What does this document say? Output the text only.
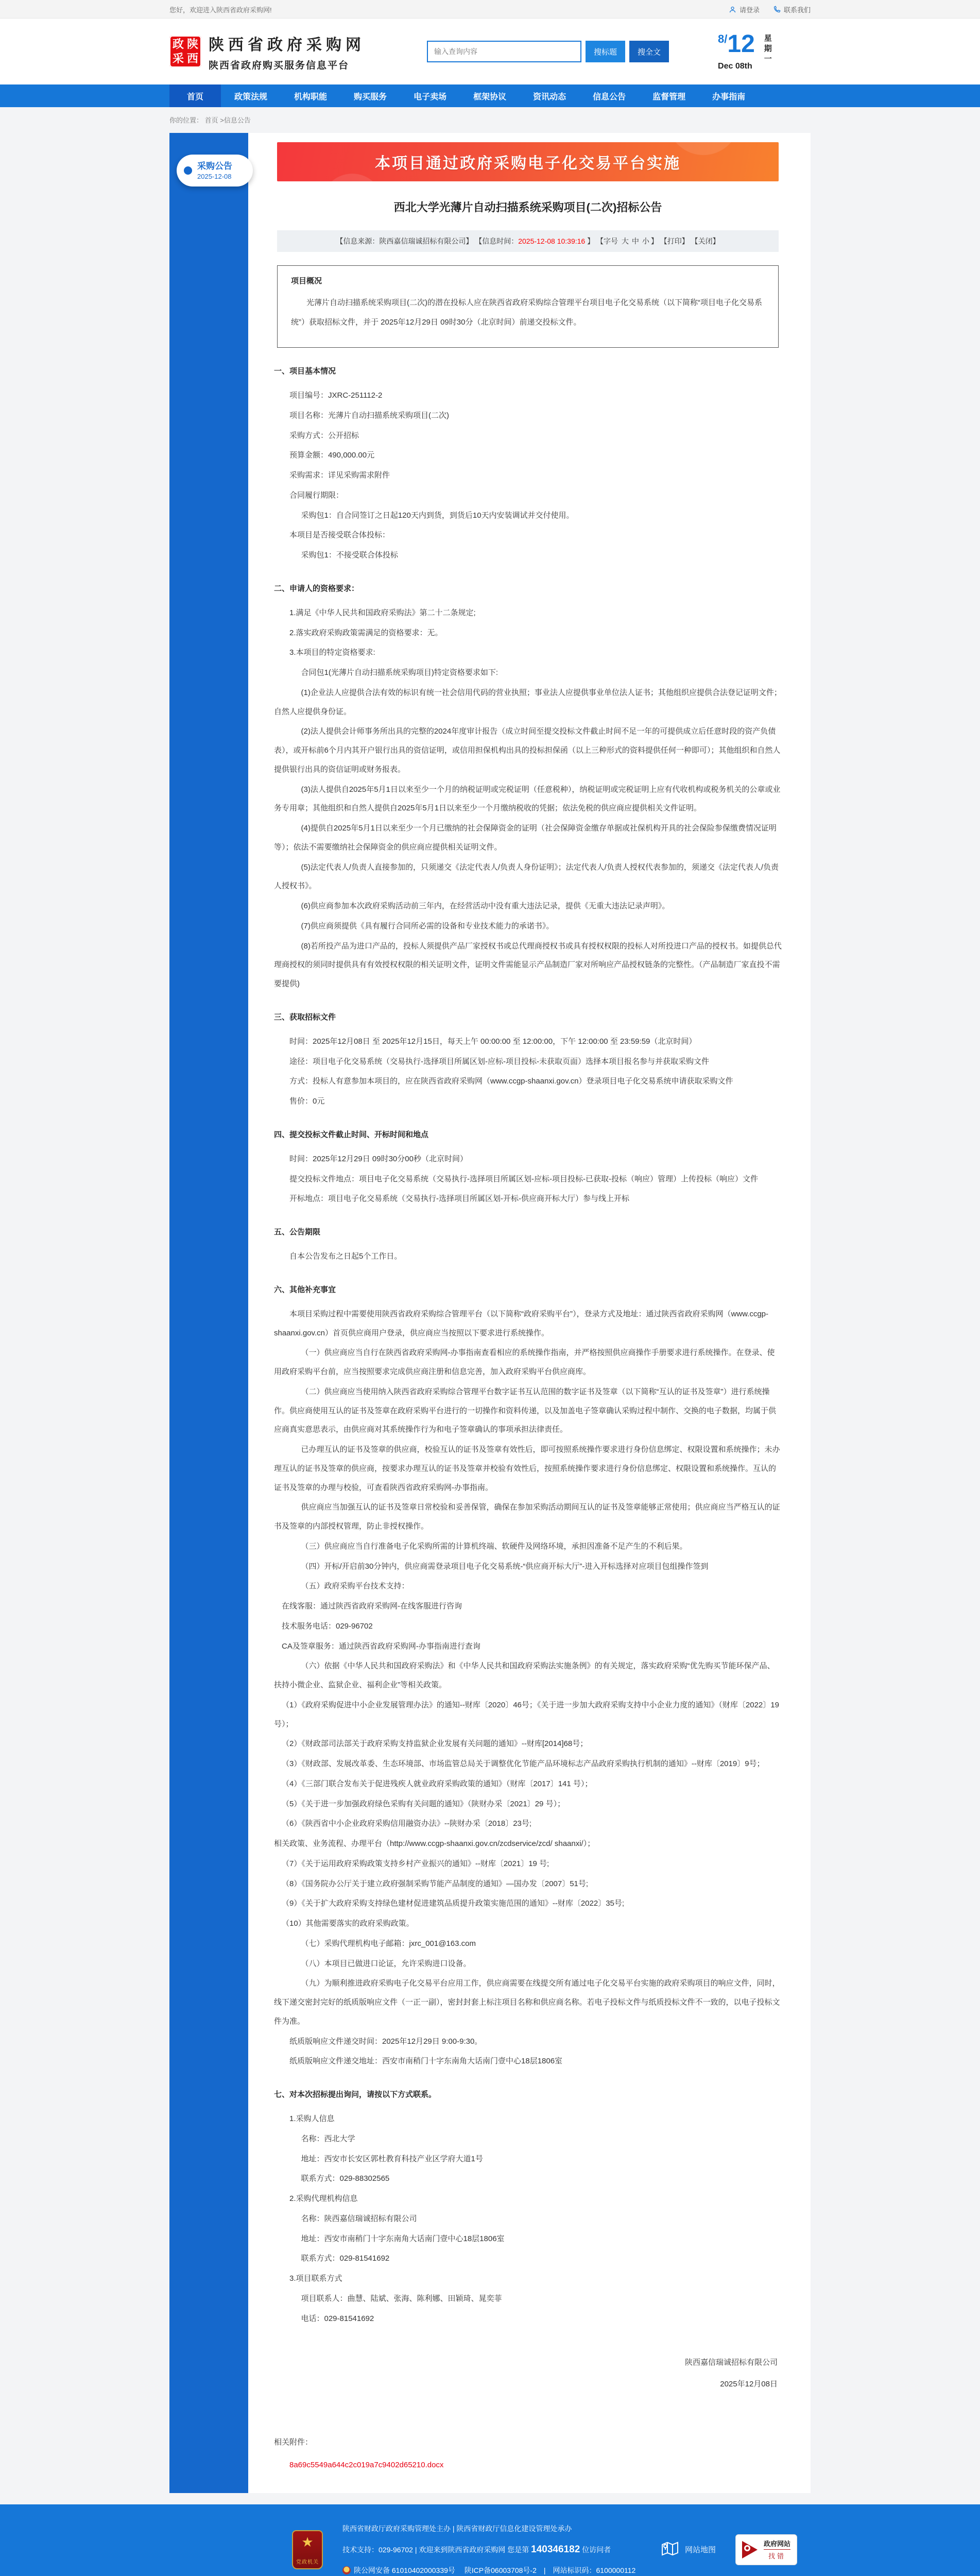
您好，欢迎进入陕西省政府采购网!	请登录	联系我们
政 陕
采 西
陕西省政府采购网
陕西省政府购买服务信息平台
输入查询内容
搜标题	搜全文
8/12
Dec 08th
星期一
首页	政策法规	机构职能	购买服务	电子卖场	框架协议	资讯动态	信息公告	监督管理	办事指南
你的位置： 首页 >信息公告
采购公告
2025-12-08
本项目通过政府采购电子化交易平台实施
西北大学光薄片自动扫描系统采购项目(二次)招标公告
【信息来源：陕西嘉信瑞诚招标有限公司】 【信息时间：2025-12-08 10:39:16 】 【字号 大 中 小 】 【打印】 【关闭】
项目概况

光薄片自动扫描系统采购项目(二次)的潜在投标人应在陕西省政府采购综合管理平台项目电子化交易系统（以下简称“项目电子化交易系统”）获取招标文件，并于 2025年12月29日 09时30分（北京时间）前递交投标文件。

一、项目基本情况

项目编号：JXRC-251112-2

项目名称：光薄片自动扫描系统采购项目(二次)

采购方式：公开招标

预算金额：490,000.00元

采购需求：详见采购需求附件

合同履行期限：

采购包1：自合同签订之日起120天内到货，到货后10天内安装调试并交付使用。

本项目是否接受联合体投标：

采购包1：不接受联合体投标

二、申请人的资格要求：

1.满足《中华人民共和国政府采购法》第二十二条规定;

2.落实政府采购政策需满足的资格要求：无。

3.本项目的特定资格要求:

合同包1(光薄片自动扫描系统采购项目)特定资格要求如下:

(1)企业法人应提供合法有效的标识有统一社会信用代码的营业执照；事业法人应提供事业单位法人证书；其他组织应提供合法登记证明文件；自然人应提供身份证。

(2)法人提供会计师事务所出具的完整的2024年度审计报告（成立时间至提交投标文件截止时间不足一年的可提供成立后任意时段的资产负债表），或开标前6个月内其开户银行出具的资信证明，或信用担保机构出具的投标担保函（以上三种形式的资料提供任何一种即可）；其他组织和自然人提供银行出具的资信证明或财务报表。

(3)法人提供自2025年5月1日以来至少一个月的纳税证明或完税证明（任意税种），纳税证明或完税证明上应有代收机构或税务机关的公章或业务专用章；其他组织和自然人提供自2025年5月1日以来至少一个月缴纳税收的凭据；依法免税的供应商应提供相关文件证明。

(4)提供自2025年5月1日以来至少一个月已缴纳的社会保障资金的证明（社会保障资金缴存单据或社保机构开具的社会保险参保缴费情况证明等）；依法不需要缴纳社会保障资金的供应商应提供相关证明文件。

(5)法定代表人/负责人直接参加的，只须递交《法定代表人/负责人身份证明》；法定代表人/负责人授权代表参加的，须递交《法定代表人/负责人授权书》。

(6)供应商参加本次政府采购活动前三年内，在经营活动中没有重大违法记录，提供《无重大违法记录声明》。

(7)供应商须提供《具有履行合同所必需的设备和专业技术能力的承诺书》。

(8)若所投产品为进口产品的，投标人须提供产品厂家授权书或总代理商授权书或具有授权权限的投标人对所投进口产品的授权书。如提供总代理商授权的须同时提供具有有效授权权限的相关证明文件，证明文件需能显示产品制造厂家对所响应产品授权链条的完整性。（产品制造厂家直投不需要提供)

三、获取招标文件

时间：2025年12月08日 至 2025年12月15日，每天上午 00:00:00 至 12:00:00，下午 12:00:00 至 23:59:59（北京时间）

途径：项目电子化交易系统（交易执行-选择项目所属区划-应标-项目投标-未获取页面）选择本项目报名参与并获取采购文件

方式：投标人有意参加本项目的，应在陕西省政府采购网（www.ccgp-shaanxi.gov.cn）登录项目电子化交易系统申请获取采购文件

售价：0元

四、提交投标文件截止时间、开标时间和地点

时间：2025年12月29日 09时30分00秒（北京时间）

提交投标文件地点：项目电子化交易系统（交易执行-选择项目所属区划-应标-项目投标-已获取-投标（响应）管理）上传投标（响应）文件

开标地点：项目电子化交易系统（交易执行-选择项目所属区划-开标-供应商开标大厅）参与线上开标

五、公告期限

自本公告发布之日起5个工作日。

六、其他补充事宜

本项目采购过程中需要使用陕西省政府采购综合管理平台（以下简称“政府采购平台”），登录方式及地址：通过陕西省政府采购网（www.ccgp-shaanxi.gov.cn）首页供应商用户登录，供应商应当按照以下要求进行系统操作。

（一）供应商应当自行在陕西省政府采购网-办事指南查看相应的系统操作指南，并严格按照供应商操作手册要求进行系统操作。在登录、使用政府采购平台前，应当按照要求完成供应商注册和信息完善，加入政府采购平台供应商库。

（二）供应商应当使用纳入陕西省政府采购综合管理平台数字证书互认范围的数字证书及签章（以下简称“互认的证书及签章”）进行系统操作。供应商使用互认的证书及签章在政府采购平台进行的一切操作和资料传递，以及加盖电子签章确认采购过程中制作、交换的电子数据，均属于供应商真实意思表示，由供应商对其系统操作行为和电子签章确认的事项承担法律责任。

已办理互认的证书及签章的供应商，校验互认的证书及签章有效性后，即可按照系统操作要求进行身份信息绑定、权限设置和系统操作；未办理互认的证书及签章的供应商，按要求办理互认的证书及签章并校验有效性后，按照系统操作要求进行身份信息绑定、权限设置和系统操作。互认的证书及签章的办理与校验，可查看陕西省政府采购网-办事指南。

供应商应当加强互认的证书及签章日常校验和妥善保管，确保在参加采购活动期间互认的证书及签章能够正常使用；供应商应当严格互认的证书及签章的内部授权管理，防止非授权操作。

（三）供应商应当自行准备电子化采购所需的计算机终端、软硬件及网络环境，承担因准备不足产生的不利后果。

（四）开标/开启前30分钟内，供应商需登录项目电子化交易系统-“供应商开标大厅”-进入开标选择对应项目包组操作签到

（五）政府采购平台技术支持：

在线客服：通过陕西省政府采购网-在线客服进行咨询

技术服务电话：029-96702

CA及签章服务：通过陕西省政府采购网-办事指南进行查询

（六）依据《中华人民共和国政府采购法》和《中华人民共和国政府采购法实施条例》的有关规定，落实政府采购“优先购买节能环保产品、扶持小微企业、监狱企业、福利企业”等相关政策。

（1）《政府采购促进中小企业发展管理办法》的通知--财库〔2020〕46号；《关于进一步加大政府采购支持中小企业力度的通知》（财库〔2022〕19 号）；

（2）《财政部司法部关于政府采购支持监狱企业发展有关问题的通知》--财库[2014]68号；

（3）《财政部、发展改革委、生态环境部、市场监管总局关于调整优化节能产品环境标志产品政府采购执行机制的通知》--财库〔2019〕9号；

（4）《三部门联合发布关于促进残疾人就业政府采购政策的通知》（财库〔2017〕141 号）；

（5）《关于进一步加强政府绿色采购有关问题的通知》（陕财办采〔2021〕29 号）；

（6）《陕西省中小企业政府采购信用融资办法》--陕财办采〔2018〕23号;

相关政策、业务流程、办理平台（http://www.ccgp-shaanxi.gov.cn/zcdservice/zcd/ shaanxi/）；

（7）《关于运用政府采购政策支持乡村产业振兴的通知》--财库〔2021〕19 号;

（8）《国务院办公厅关于建立政府强制采购节能产品制度的通知》—国办发〔2007〕51号;

（9）《关于扩大政府采购支持绿色建材促进建筑品质提升政策实施范围的通知》--财库〔2022〕35号;

（10）其他需要落实的政府采购政策。

（七）采购代理机构电子邮箱：jxrc_001@163.com

（八）本项目已做进口论证，允许采购进口设备。

（九）为顺利推进政府采购电子化交易平台应用工作，供应商需要在线提交所有通过电子化交易平台实施的政府采购项目的响应文件，同时，线下递交密封完好的纸质版响应文件（一正一副），密封封套上标注项目名称和供应商名称。若电子投标文件与纸质投标文件不一致的，以电子投标文件为准。

纸质版响应文件递交时间：2025年12月29日 9:00-9:30。

纸质版响应文件递交地址：西安市南稍门十字东南角大话南门壹中心18层1806室

七、对本次招标提出询问，请按以下方式联系。

1.采购人信息

名称：西北大学

地址：西安市长安区郭杜教育科技产业区学府大道1号

联系方式：029-88302565

2.采购代理机构信息

名称：陕西嘉信瑞诚招标有限公司

地址：西安市南稍门十字东南角大话南门壹中心18层1806室

联系方式：029-81541692

3.项目联系方式

项目联系人：曲慧、陆斌、张海、陈利娜、田颖琦、晁奕菲

电话：029-81541692

陕西嘉信瑞诚招标有限公司
2025年12月08日
相关附件：
8a69c5549a644c2c019a7c9402d65210.docx
★
党政机关
陕西省财政厅政府采购管理处主办 | 陕西省财政厅信息化建设管理处承办
技术支持：029-96702 | 欢迎来到陕西省政府采购网 您是第 140346182 位访问者
陕公网安备 61010402000339号　 陕ICP备06003708号-2　|　网站标识码：6100000112
网站地图
政府网站
找错
